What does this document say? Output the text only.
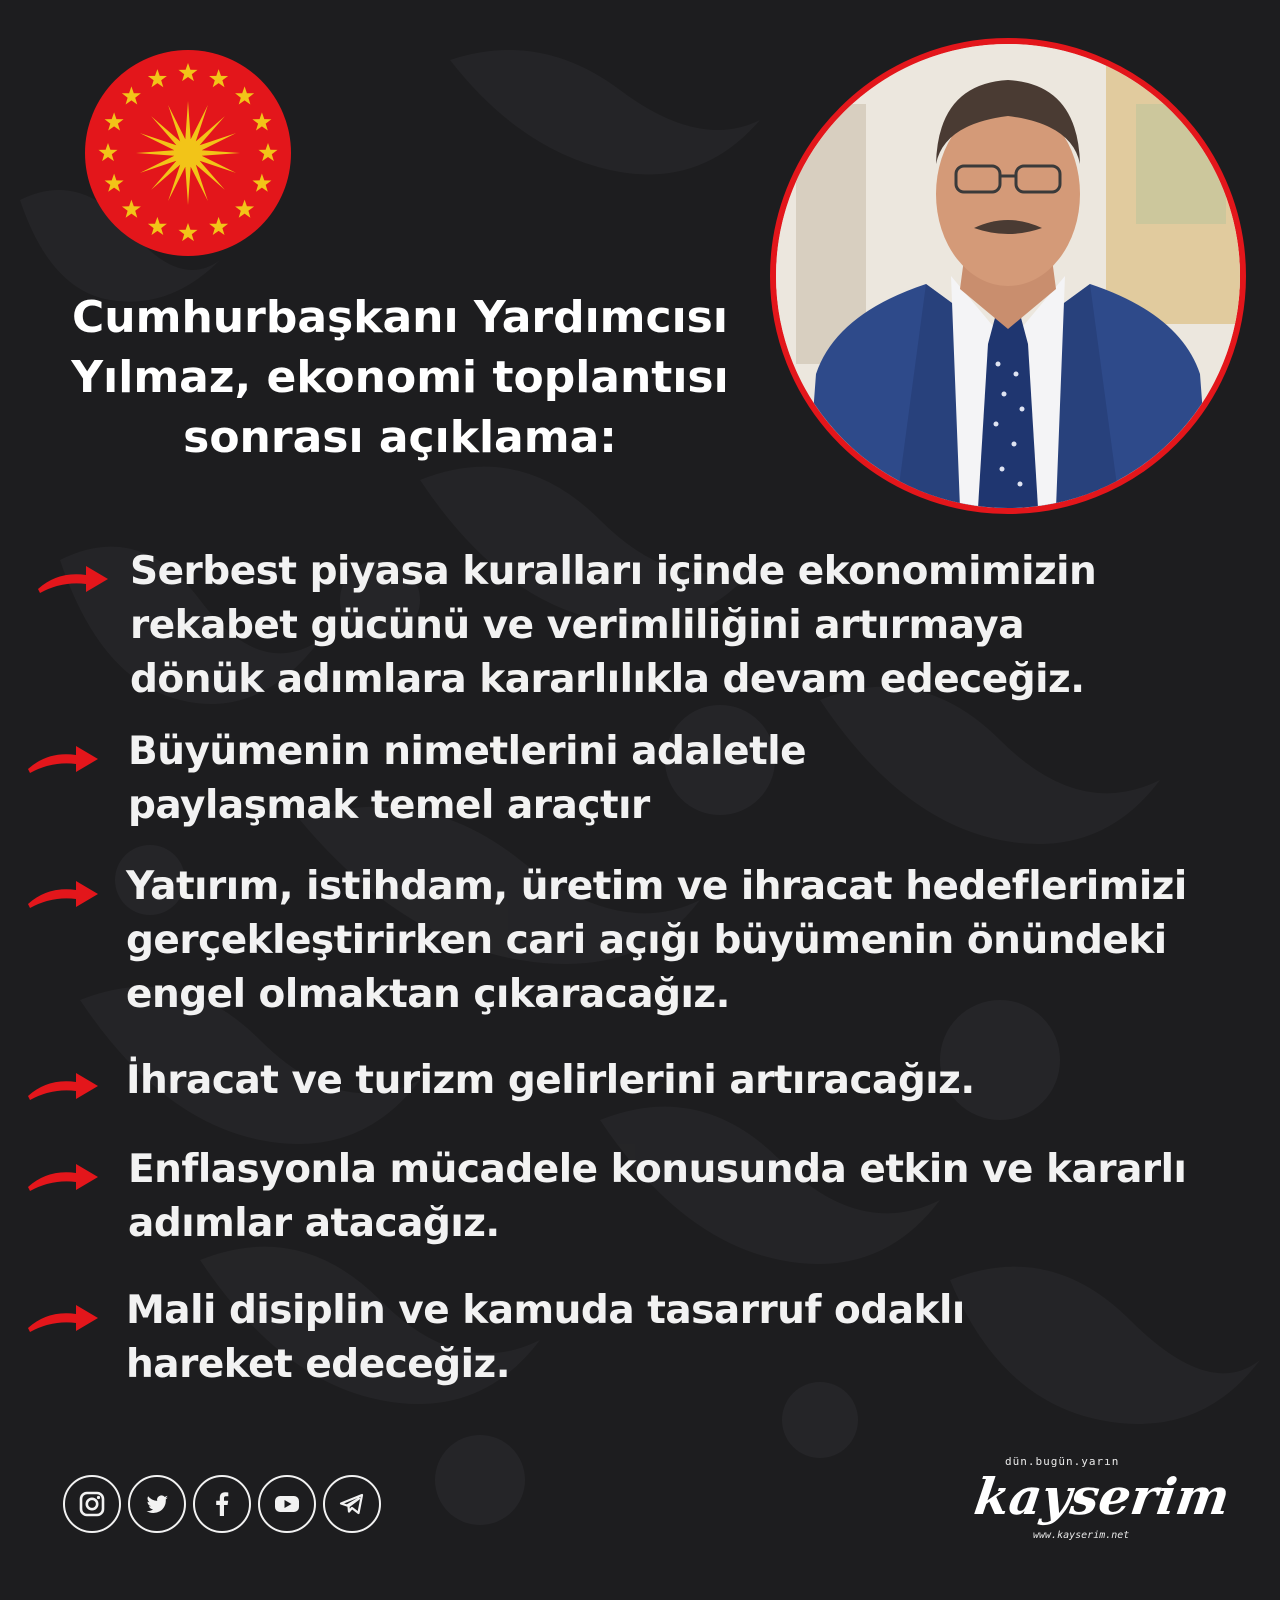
Cumhurbaşkanı Yardımcısı
Yılmaz, ekonomi toplantısı
sonrası açıklama:
Serbest piyasa kuralları içinde ekonomimizin
rekabet gücünü ve verimliliğini artırmaya
dönük adımlara kararlılıkla devam edeceğiz.
Büyümenin nimetlerini adaletle
paylaşmak temel araçtır
Yatırım, istihdam, üretim ve ihracat hedeflerimizi
gerçekleştirirken cari açığı büyümenin önündeki
engel olmaktan çıkaracağız.
İhracat ve turizm gelirlerini artıracağız.
Enflasyonla mücadele konusunda etkin ve kararlı
adımlar atacağız.
Mali disiplin ve kamuda tasarruf odaklı
hareket edeceğiz.
dün.bugün.yarın
kayserim
www.kayserim.net
